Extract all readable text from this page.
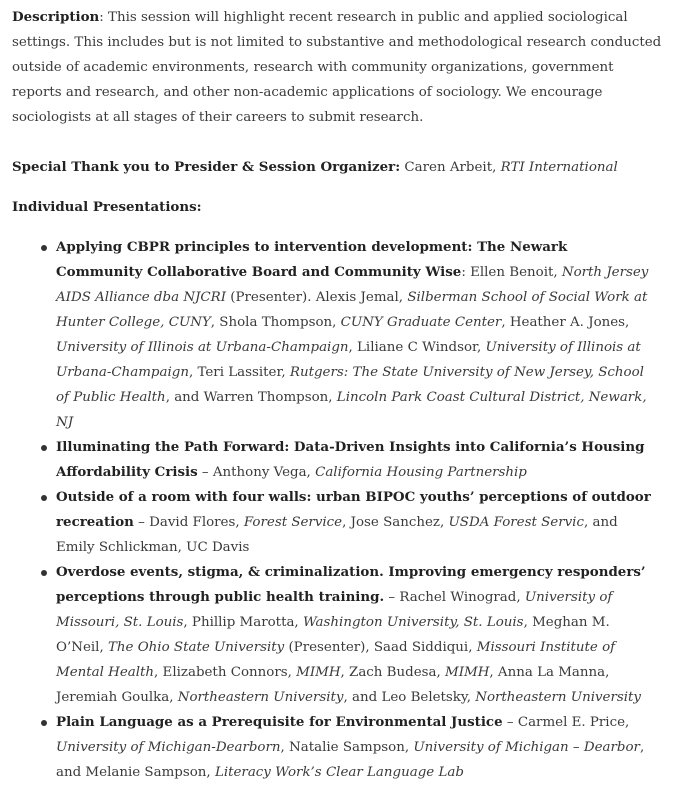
Description: This session will highlight recent research in public and applied sociological settings. This includes but is not limited to substantive and methodological research conducted outside of academic environments, research with community organizations, government reports and research, and other non-academic applications of sociology. We encourage sociologists at all stages of their careers to submit research.

Special Thank you to Presider & Session Organizer: Caren Arbeit, RTI International

Individual Presentations:

Applying CBPR principles to intervention development: The Newark Community Collaborative Board and Community Wise: Ellen Benoit, North Jersey AIDS Alliance dba NJCRI (Presenter). Alexis Jemal, Silberman School of Social Work at Hunter College, CUNY, Shola Thompson, CUNY Graduate Center, Heather A. Jones, University of Illinois at Urbana-Champaign, Liliane C Windsor, University of Illinois at Urbana-Champaign, Teri Lassiter, Rutgers: The State University of New Jersey, School of Public Health, and Warren Thompson, Lincoln Park Coast Cultural District, Newark, NJ
Illuminating the Path Forward: Data-Driven Insights into California’s Housing Affordability Crisis – Anthony Vega, California Housing Partnership
Outside of a room with four walls: urban BIPOC youths’ perceptions of outdoor recreation – David Flores, Forest Service, Jose Sanchez, USDA Forest Servic, and Emily Schlickman, UC Davis
Overdose events, stigma, & criminalization. Improving emergency responders’ perceptions through public health training. – Rachel Winograd, University of Missouri, St. Louis, Phillip Marotta, Washington University, St. Louis, Meghan M. O’Neil, The Ohio State University (Presenter), Saad Siddiqui, Missouri Institute of Mental Health, Elizabeth Connors, MIMH, Zach Budesa, MIMH, Anna La Manna, Jeremiah Goulka, Northeastern University, and Leo Beletsky, Northeastern University
Plain Language as a Prerequisite for Environmental Justice – Carmel E. Price, University of Michigan-Dearborn, Natalie Sampson, University of Michigan – Dearbor, and Melanie Sampson, Literacy Work’s Clear Language Lab
